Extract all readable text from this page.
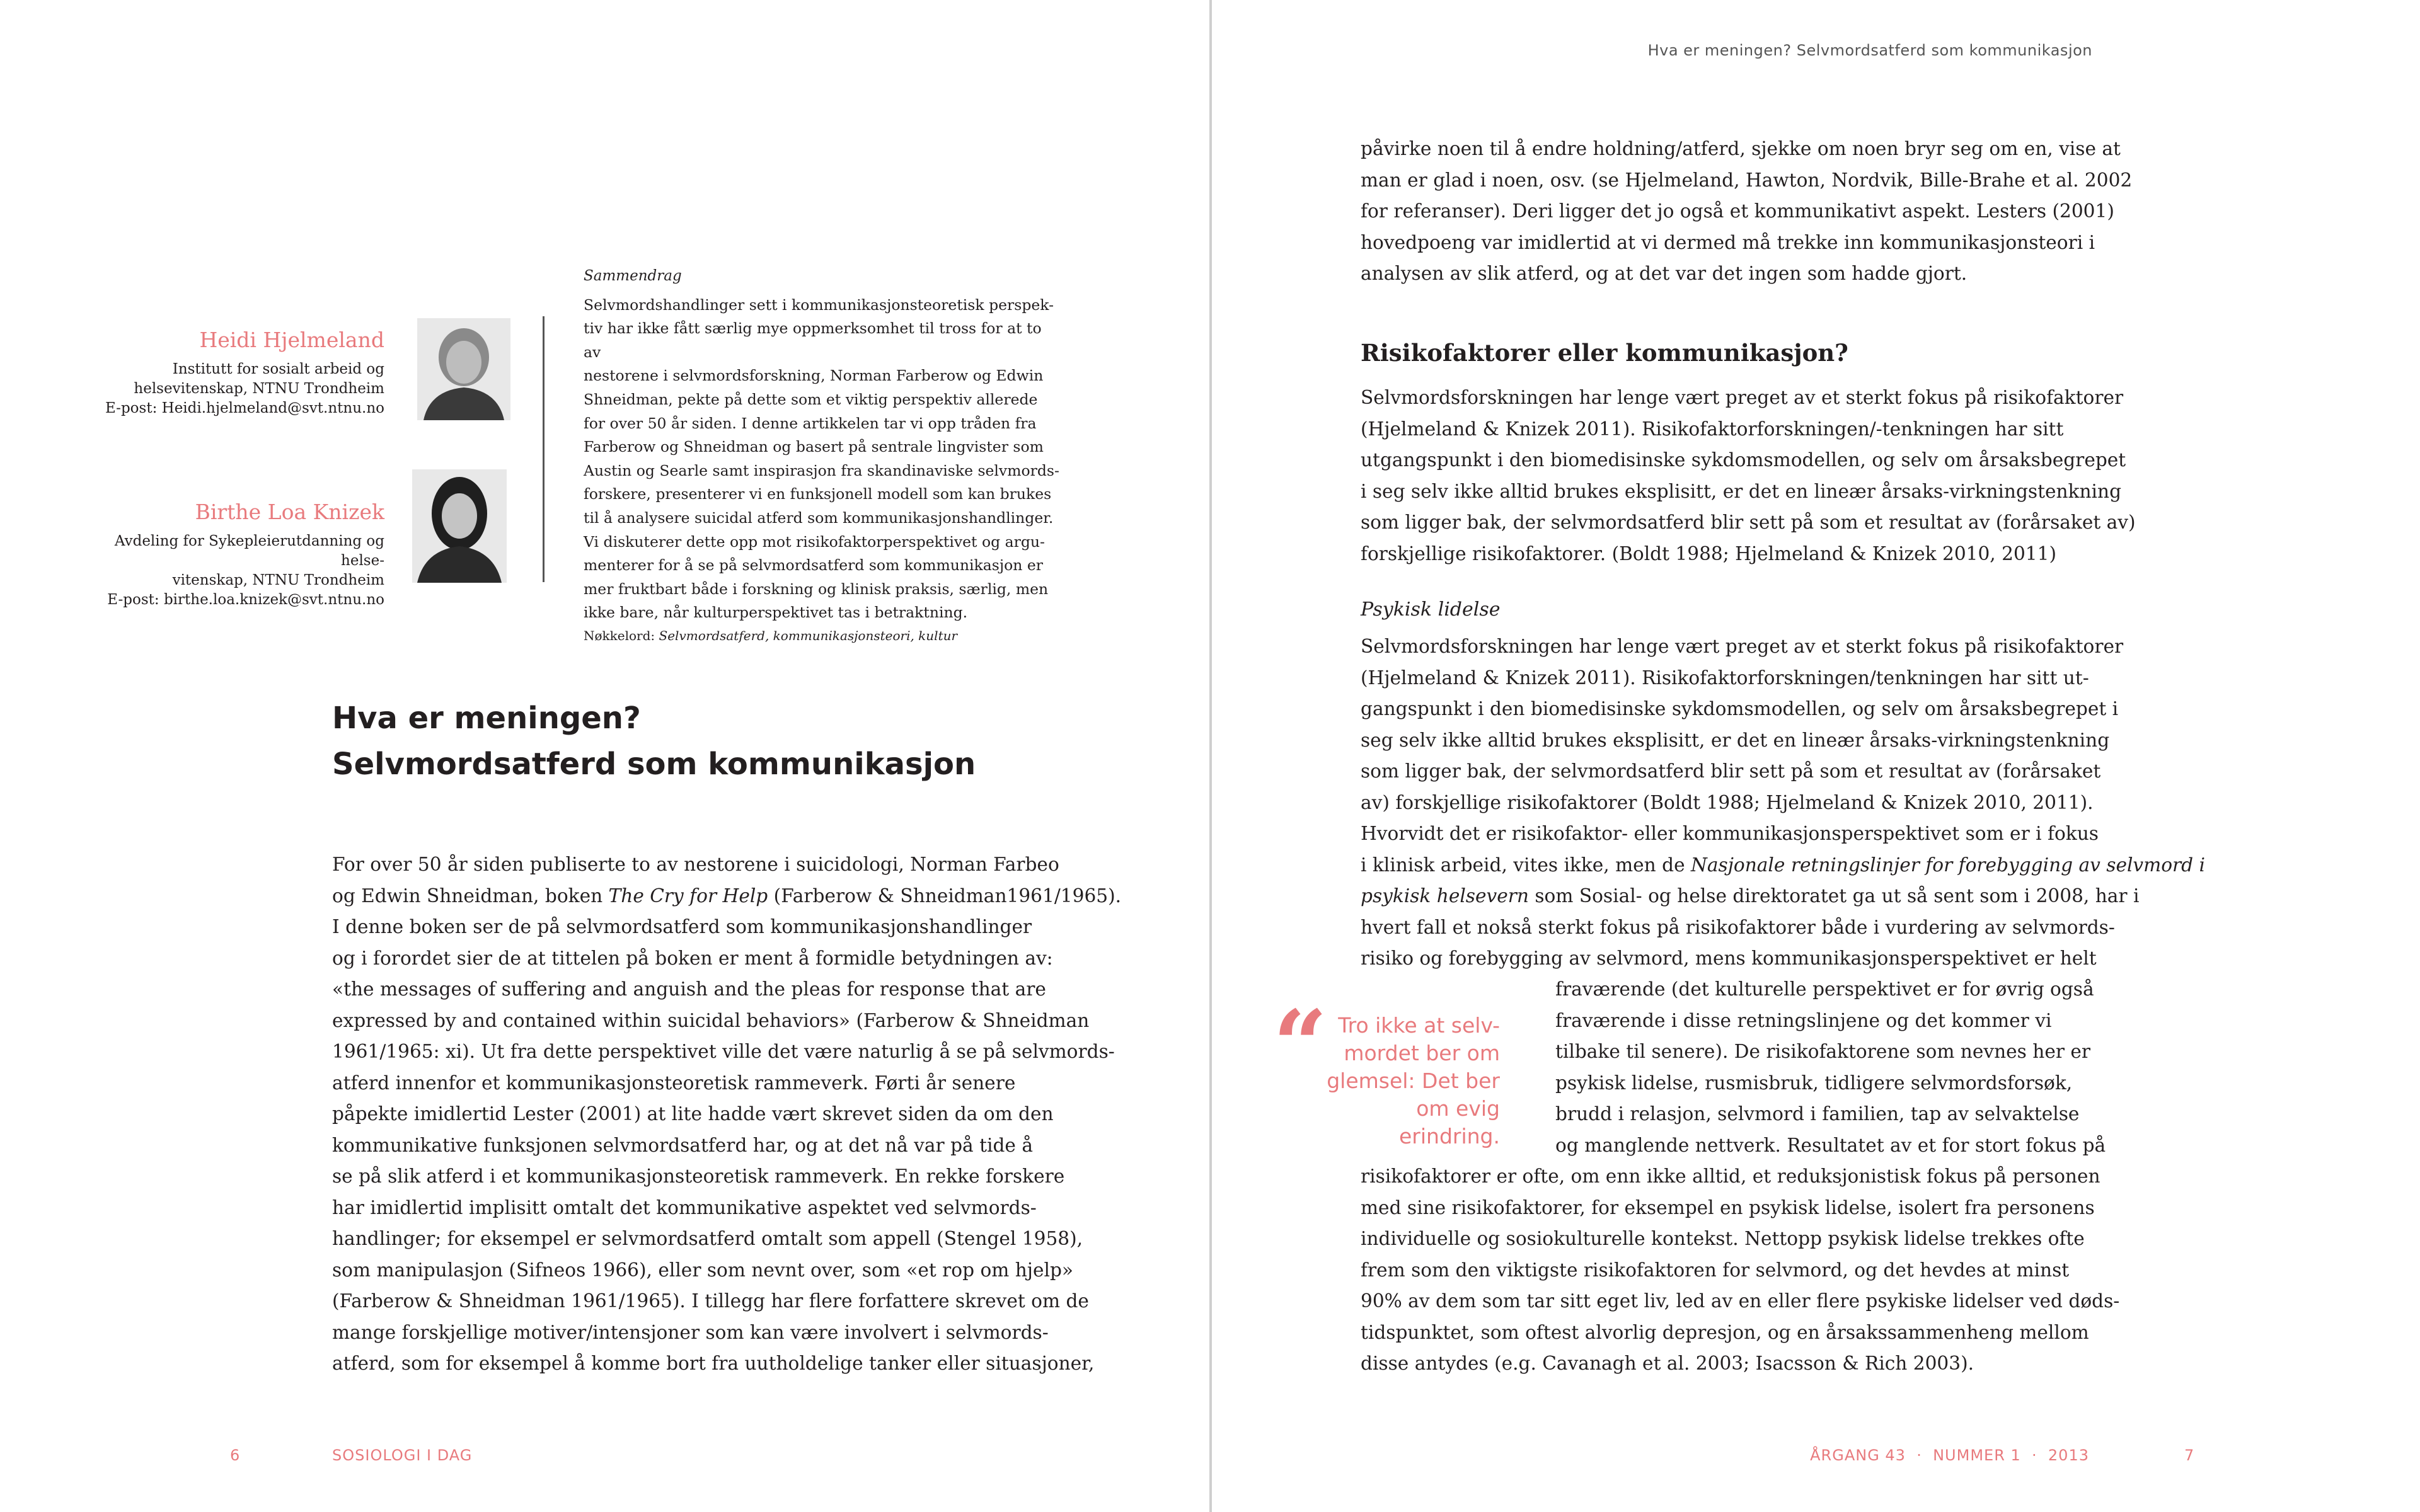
Hva er meningen? Selvmordsatferd som kommunikasjon
Heidi Hjelmeland
Institutt for sosialt arbeid og
helsevitenskap, NTNU Trondheim
E-post: Heidi.hjelmeland@svt.ntnu.no
Birthe Loa Knizek
Avdeling for Sykepleierutdanning og helse-
vitenskap, NTNU Trondheim
E-post: birthe.loa.knizek@svt.ntnu.no
Sammendrag
Selvmordshandlinger sett i kommunikasjonsteoretisk perspek-
tiv har ikke fått særlig mye oppmerksomhet til tross for at to av
nestorene i selvmordsforskning, Norman Farberow og Edwin
Shneidman, pekte på dette som et viktig perspektiv allerede
for over 50 år siden. I denne artikkelen tar vi opp tråden fra
Farberow og Shneidman og basert på sentrale lingvister som
Austin og Searle samt inspirasjon fra skandinaviske selvmords-
forskere, presenterer vi en funksjonell modell som kan brukes
til å analysere suicidal atferd som kommunikasjonshandlinger.
Vi diskuterer dette opp mot risikofaktorperspektivet og argu-
menterer for å se på selvmordsatferd som kommunikasjon er
mer fruktbart både i forskning og klinisk praksis, særlig, men
ikke bare, når kulturperspektivet tas i betraktning.
Nøkkelord: Selvmordsatferd, kommunikasjonsteori, kultur
Hva er meningen?
Selvmordsatferd som kommunikasjon
For over 50 år siden publiserte to av nestorene i suicidologi, Norman Farbeo
og Edwin Shneidman, boken The Cry for Help (Farberow & Shneidman1961/1965).
I denne boken ser de på selvmordsatferd som kommunikasjonshandlinger
og i forordet sier de at tittelen på boken er ment å formidle betydningen av:
«the messages of suffering and anguish and the pleas for response that are
expressed by and contained within suicidal behaviors» (Farberow & Shneidman
1961/1965: xi). Ut fra dette perspektivet ville det være naturlig å se på selvmords-
atferd innenfor et kommunikasjonsteoretisk rammeverk. Førti år senere
påpekte imidlertid Lester (2001) at lite hadde vært skrevet siden da om den
kommunikative funksjonen selvmordsatferd har, og at det nå var på tide å
se på slik atferd i et kommunikasjonsteoretisk rammeverk. En rekke forskere
har imidlertid implisitt omtalt det kommunikative aspektet ved selvmords-
handlinger; for eksempel er selvmordsatferd omtalt som appell (Stengel 1958),
som manipulasjon (Sifneos 1966), eller som nevnt over, som «et rop om hjelp»
(Farberow & Shneidman 1961/1965). I tillegg har flere forfattere skrevet om de
mange forskjellige motiver/intensjoner som kan være involvert i selvmords-
atferd, som for eksempel å komme bort fra uutholdelige tanker eller situasjoner,
påvirke noen til å endre holdning/atferd, sjekke om noen bryr seg om en, vise at
man er glad i noen, osv. (se Hjelmeland, Hawton, Nordvik, Bille-Brahe et al. 2002
for referanser). Deri ligger det jo også et kommunikativt aspekt. Lesters (2001)
hovedpoeng var imidlertid at vi dermed må trekke inn kommunikasjonsteori i
analysen av slik atferd, og at det var det ingen som hadde gjort.
Risikofaktorer eller kommunikasjon?
Selvmordsforskningen har lenge vært preget av et sterkt fokus på risikofaktorer
(Hjelmeland & Knizek 2011). Risikofaktorforskningen/-tenkningen har sitt
utgangspunkt i den biomedisinske sykdomsmodellen, og selv om årsaksbegrepet
i seg selv ikke alltid brukes eksplisitt, er det en lineær årsaks-virkningstenkning
som ligger bak, der selvmordsatferd blir sett på som et resultat av (forårsaket av)
forskjellige risikofaktorer. (Boldt 1988; Hjelmeland & Knizek 2010, 2011)
Psykisk lidelse
Selvmordsforskningen har lenge vært preget av et sterkt fokus på risikofaktorer
(Hjelmeland & Knizek 2011). Risikofaktorforskningen/tenkningen har sitt ut-
gangspunkt i den biomedisinske sykdomsmodellen, og selv om årsaksbegrepet i
seg selv ikke alltid brukes eksplisitt, er det en lineær årsaks-virkningstenkning
som ligger bak, der selvmordsatferd blir sett på som et resultat av (forårsaket
av) forskjellige risikofaktorer (Boldt 1988; Hjelmeland & Knizek 2010, 2011).
Hvorvidt det er risikofaktor- eller kommunikasjonsperspektivet som er i fokus
i klinisk arbeid, vites ikke, men de Nasjonale retningslinjer for forebygging av selvmord i
psykisk helsevern som Sosial- og helse direktoratet ga ut så sent som i 2008, har i
hvert fall et nokså sterkt fokus på risikofaktorer både i vurdering av selvmords-
risiko og forebygging av selvmord, mens kommunikasjonsperspektivet er helt
fraværende (det kulturelle perspektivet er for øvrig også
fraværende i disse retningslinjene og det kommer vi
tilbake til senere). De risikofaktorene som nevnes her er
psykisk lidelse, rusmisbruk, tidligere selvmordsforsøk,
brudd i relasjon, selvmord i familien, tap av selvaktelse
og manglende nettverk. Resultatet av et for stort fokus på
risikofaktorer er ofte, om enn ikke alltid, et reduksjonistisk fokus på personen
med sine risikofaktorer, for eksempel en psykisk lidelse, isolert fra personens
individuelle og sosiokulturelle kontekst. Nettopp psykisk lidelse trekkes ofte
frem som den viktigste risikofaktoren for selvmord, og det hevdes at minst
90% av dem som tar sitt eget liv, led av en eller flere psykiske lidelser ved døds-
tidspunktet, som oftest alvorlig depresjon, og en årsakssammenheng mellom
disse antydes (e.g. Cavanagh et al. 2003; Isacsson & Rich 2003).
“ Tro ikke at selv-
mordet ber om
glemsel: Det ber
om evig erindring.
6	SOSIOLOGI I DAG	ÅRGANG 43  ·  NUMMER 1  ·  2013	7
